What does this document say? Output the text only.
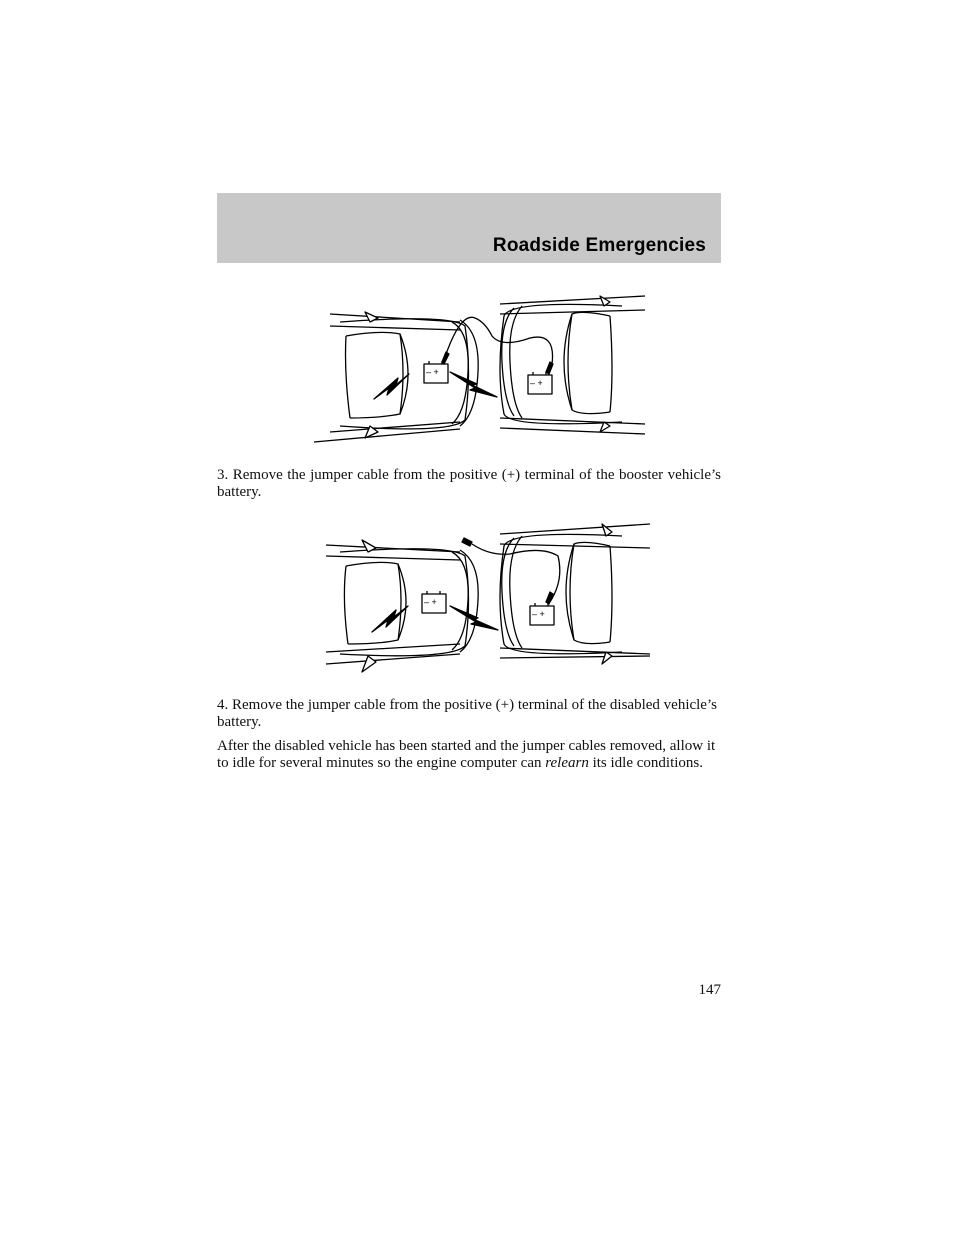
Roadside Emergencies
– +
– +

3. Remove the jumper cable from the positive (+) terminal of the booster vehicle’s battery.

– +
– +

4. Remove the jumper cable from the positive (+) terminal of the disabled vehicle’s battery.

After the disabled vehicle has been started and the jumper cables removed, allow it to idle for several minutes so the engine computer can relearn its idle conditions.

147
